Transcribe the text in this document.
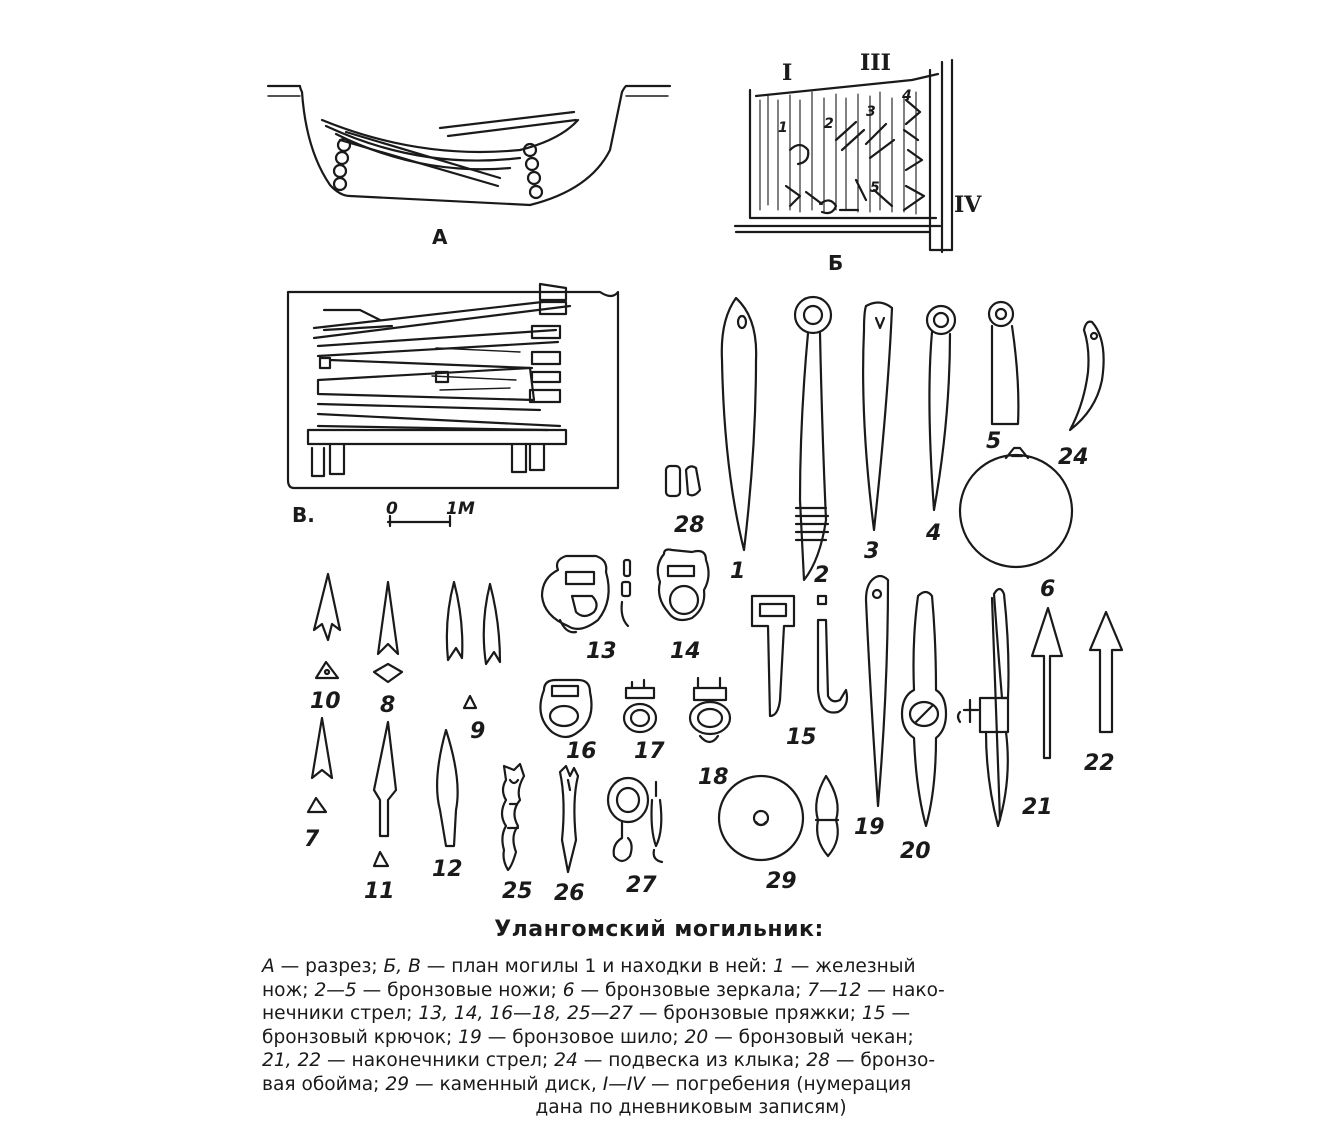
А
Б
В.
I	III
IV
1	2
3
4
5
0	1M
1	2
3
4
5
6
7
8
9
10
11
12
13 14
15
16 17
18
19
20
21
22
24
25 26 27
28
29
Улангомский могильник:

А — разрез; Б, В — план могилы 1 и находки в ней: 1 — железный
нож; 2—5 — бронзовые ножи; 6 — бронзовые зеркала; 7—12 — нако-
нечники стрел; 13, 14, 16—18, 25—27 — бронзовые пряжки; 15 —
бронзовый крючок; 19 — бронзовое шило; 20 — бронзовый чекан;
21, 22 — наконечники стрел; 24 — подвеска из клыка; 28 — бронзо-
вая обойма; 29 — каменный диск, I—IV — погребения (нумерация
дана по дневниковым записям)
